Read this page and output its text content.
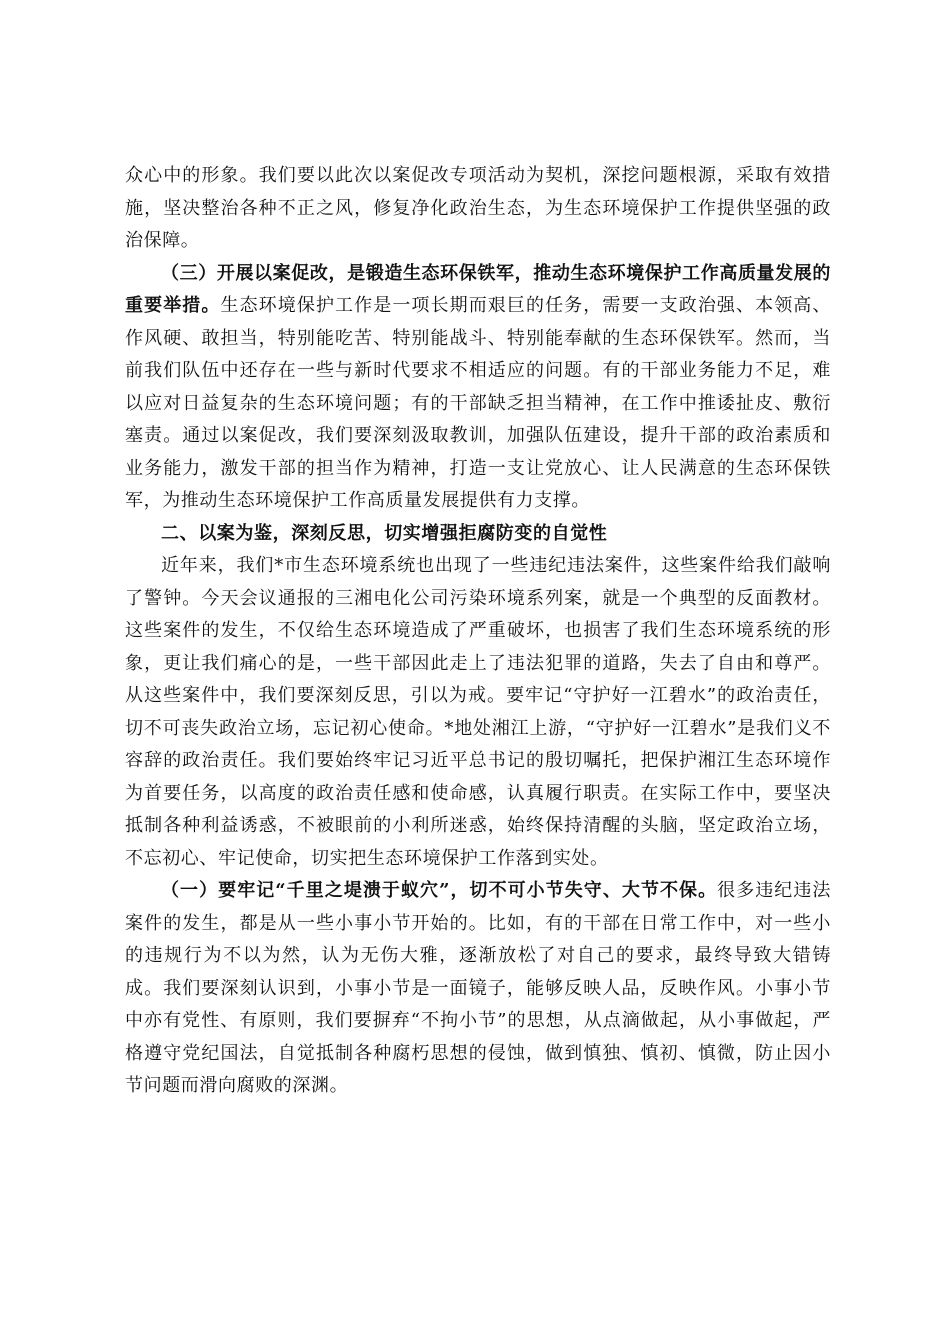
众心中的形象。我们要以此次以案促改专项活动为契机，深挖问题根源，采取有效措施，坚决整治各种不正之风，修复净化政治生态，为生态环境保护工作提供坚强的政治保障。

（三）开展以案促改，是锻造生态环保铁军，推动生态环境保护工作高质量发展的重要举措。生态环境保护工作是一项长期而艰巨的任务，需要一支政治强、本领高、作风硬、敢担当，特别能吃苦、特别能战斗、特别能奉献的生态环保铁军。然而，当前我们队伍中还存在一些与新时代要求不相适应的问题。有的干部业务能力不足，难以应对日益复杂的生态环境问题；有的干部缺乏担当精神，在工作中推诿扯皮、敷衍塞责。通过以案促改，我们要深刻汲取教训，加强队伍建设，提升干部的政治素质和业务能力，激发干部的担当作为精神，打造一支让党放心、让人民满意的生态环保铁军，为推动生态环境保护工作高质量发展提供有力支撑。

二、以案为鉴，深刻反思，切实增强拒腐防变的自觉性

近年来，我们*市生态环境系统也出现了一些违纪违法案件，这些案件给我们敲响了警钟。今天会议通报的三湘电化公司污染环境系列案，就是一个典型的反面教材。这些案件的发生，不仅给生态环境造成了严重破坏，也损害了我们生态环境系统的形象，更让我们痛心的是，一些干部因此走上了违法犯罪的道路，失去了自由和尊严。从这些案件中，我们要深刻反思，引以为戒。要牢记“守护好一江碧水”的政治责任，切不可丧失政治立场，忘记初心使命。*地处湘江上游，“守护好一江碧水”是我们义不容辞的政治责任。我们要始终牢记习近平总书记的殷切嘱托，把保护湘江生态环境作为首要任务，以高度的政治责任感和使命感，认真履行职责。在实际工作中，要坚决抵制各种利益诱惑，不被眼前的小利所迷惑，始终保持清醒的头脑，坚定政治立场，不忘初心、牢记使命，切实把生态环境保护工作落到实处。

（一）要牢记“千里之堤溃于蚁穴”，切不可小节失守、大节不保。很多违纪违法案件的发生，都是从一些小事小节开始的。比如，有的干部在日常工作中，对一些小的违规行为不以为然，认为无伤大雅，逐渐放松了对自己的要求，最终导致大错铸成。我们要深刻认识到，小事小节是一面镜子，能够反映人品，反映作风。小事小节中亦有党性、有原则，我们要摒弃“不拘小节”的思想，从点滴做起，从小事做起，严格遵守党纪国法，自觉抵制各种腐朽思想的侵蚀，做到慎独、慎初、慎微，防止因小节问题而滑向腐败的深渊。
